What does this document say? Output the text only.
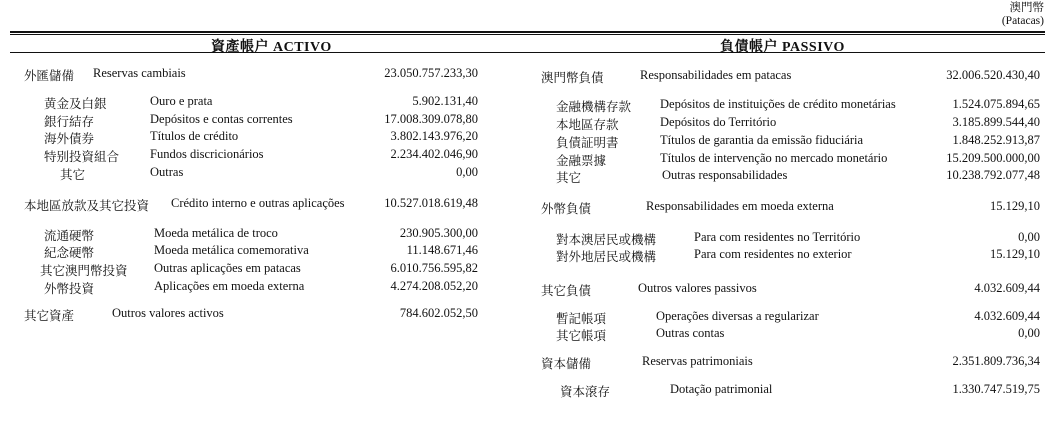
澳門幣
(Patacas)
資產帳户 ACTIVO	負債帳户 PASSIVO
外匯儲備 Reservas cambiais	23.050.757.233,30
黄金及白銀	Ouro e prata	5.902.131,40
銀行結存	Depósitos e contas correntes	17.008.309.078,80
海外債券	Títulos de crédito	3.802.143.976,20
特别投資組合 Fundos discricionários	2.234.402.046,90
其它	Outras	0,00
本地區放款及其它投資 Crédito interno e outras aplicações	10.527.018.619,48
流通硬幣	Moeda metálica de troco	230.905.300,00
紀念硬幣	Moeda metálica comemorativa	11.148.671,46
其它澳門幣投資 Outras aplicações em patacas	6.010.756.595,82
外幣投資	Aplicações em moeda externa	4.274.208.052,20
其它資產	Outros valores activos	784.602.052,50
澳門幣負債	Responsabilidades em patacas	32.006.520.430,40
金融機構存款 Depósitos de instituições de crédito monetárias	1.524.075.894,65
本地區存款	Depósitos do Território	3.185.899.544,40
負債証明書	Títulos de garantia da emissão fiduciária	1.848.252.913,87
金融票據	Títulos de intervenção no mercado monetário	15.209.500.000,00
其它	Outras responsabilidades	10.238.792.077,48
外幣負債	Responsabilidades em moeda externa	15.129,10
對本澳居民或機構	Para com residentes no Território	0,00
對外地居民或機構	Para com residentes no exterior	15.129,10
其它負債	Outros valores passivos	4.032.609,44
暫記帳項	Operações diversas a regularizar	4.032.609,44
其它帳項	Outras contas	0,00
資本儲備	Reservas patrimoniais	2.351.809.736,34
資本滾存	Dotação patrimonial	1.330.747.519,75
